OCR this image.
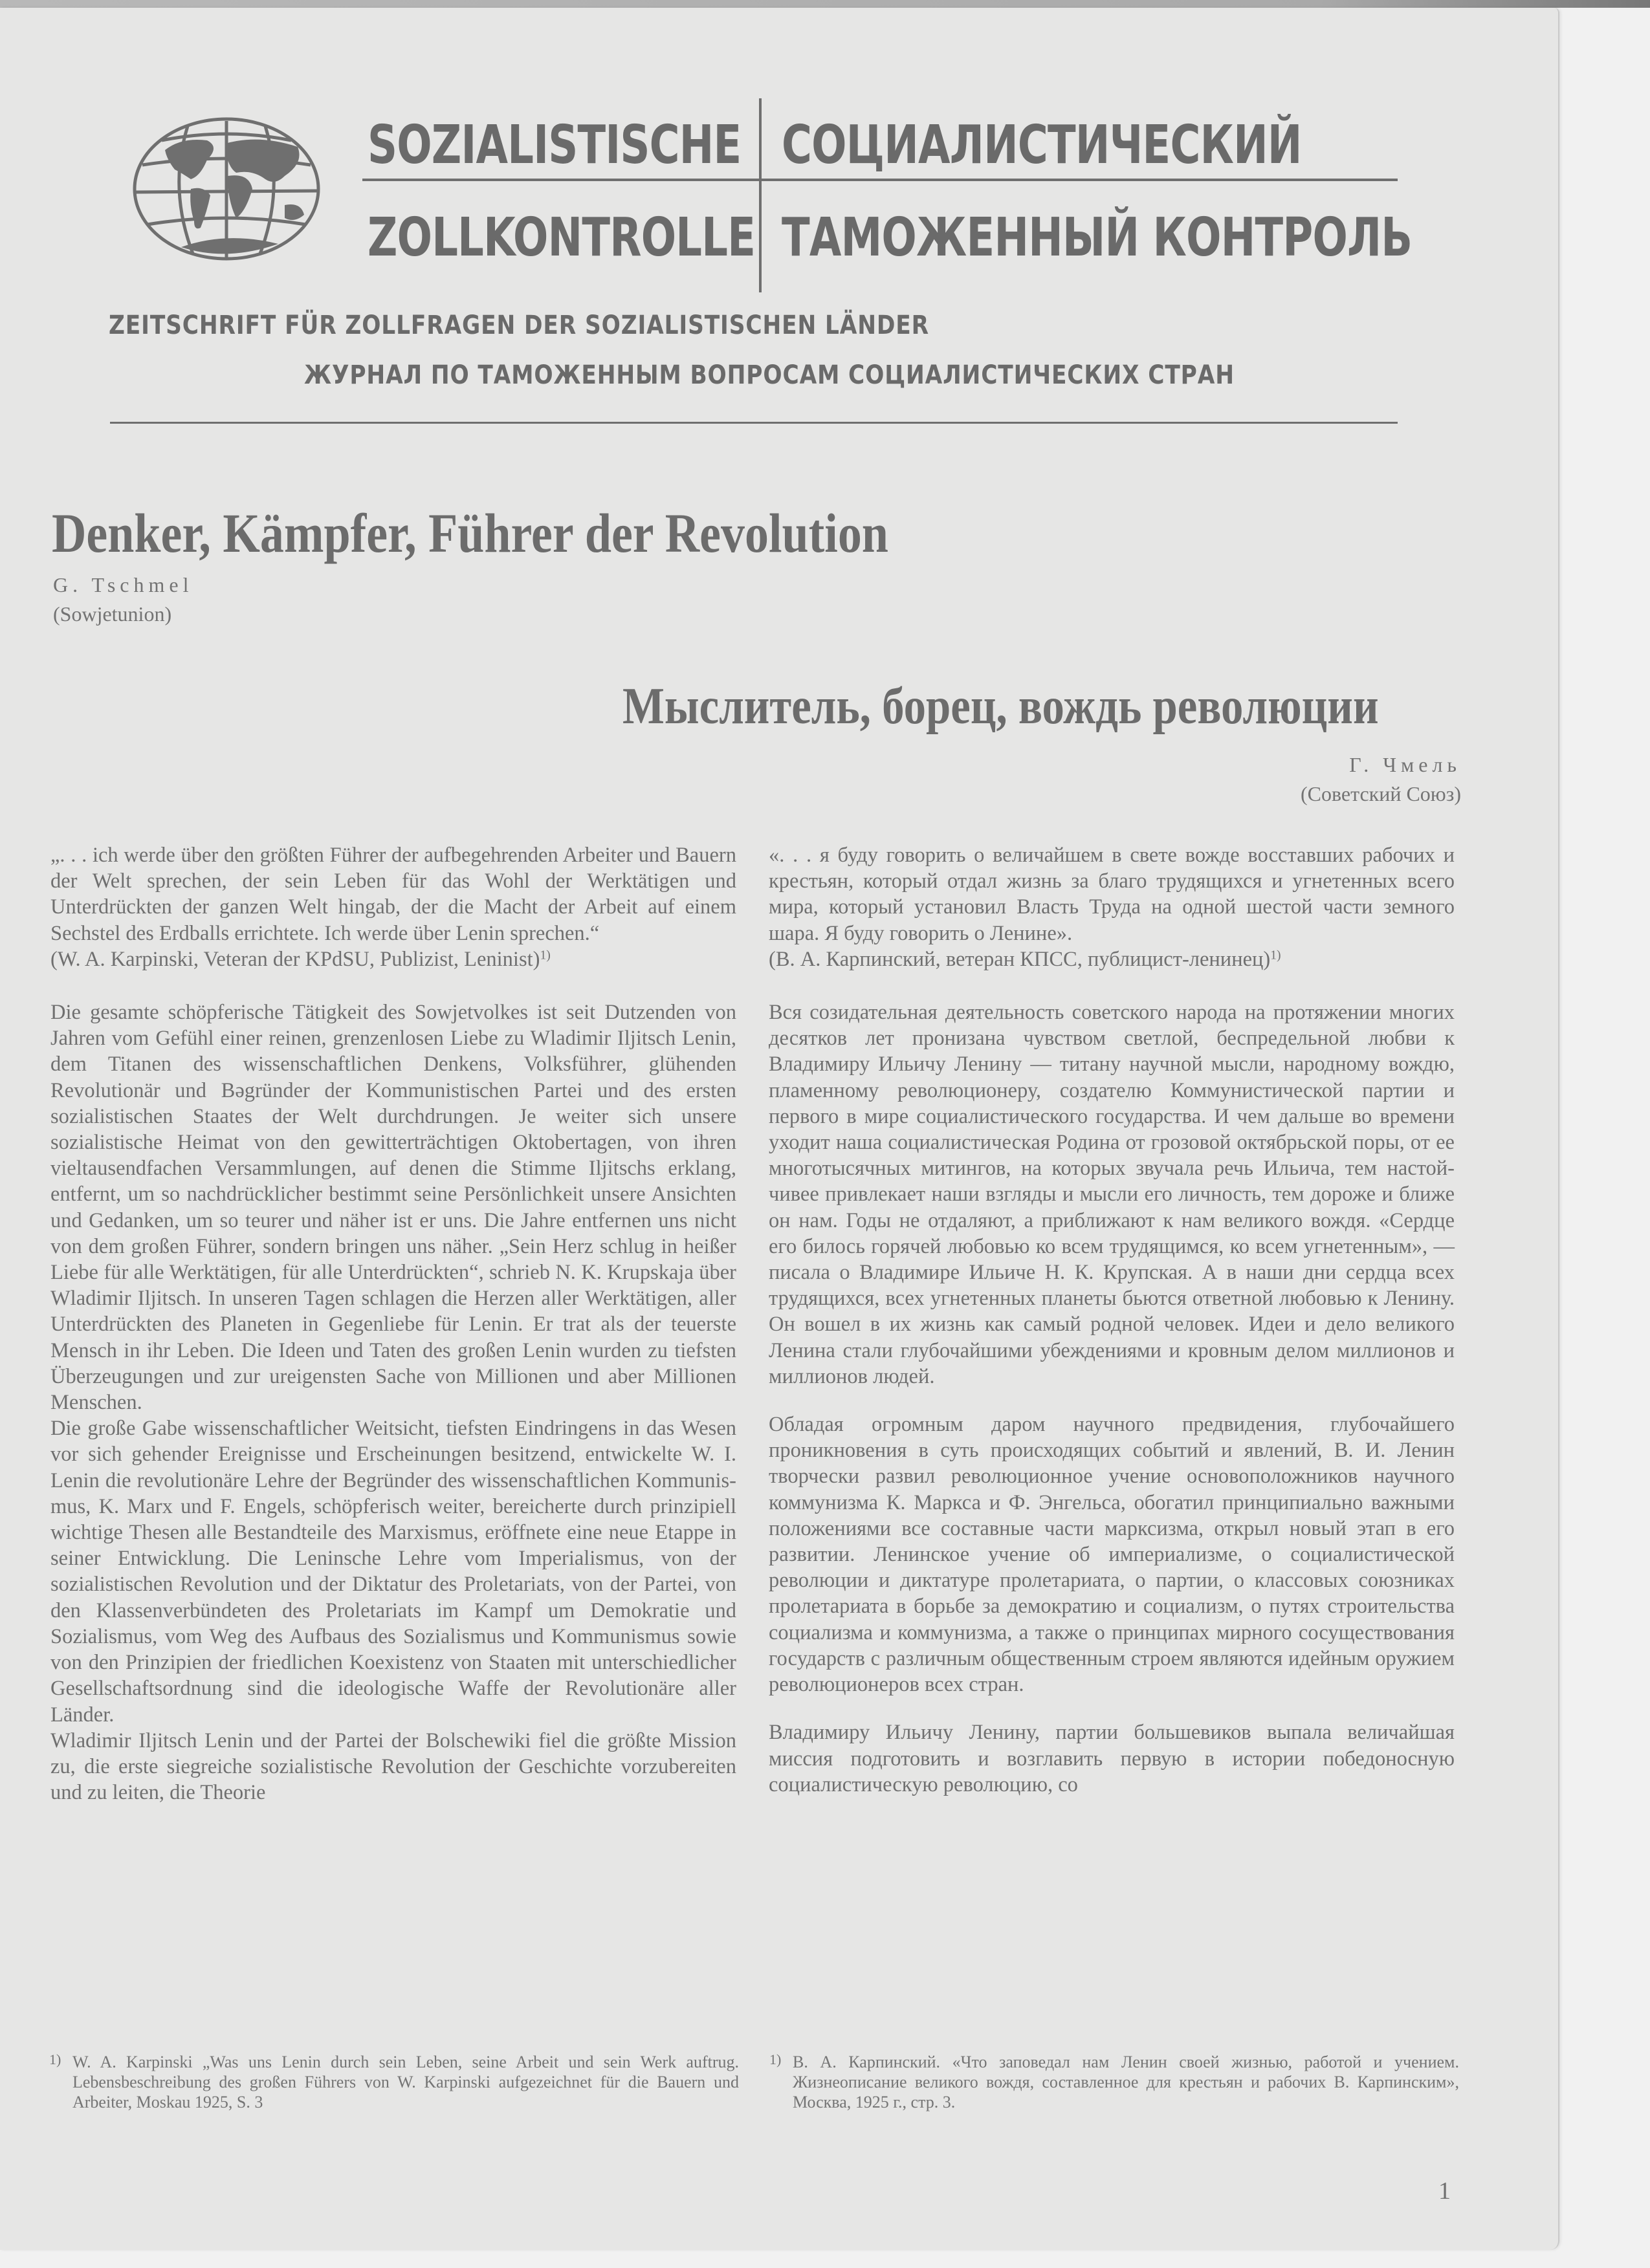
SOZIALISTISCHE
ZOLLKONTROLLE
СОЦИАЛИСТИЧЕСКИЙ
ТАМОЖЕННЫЙ КОНТРОЛЬ
ZEITSCHRIFT FÜR ZOLLFRAGEN DER SOZIALISTISCHEN LÄNDER
ЖУРНАЛ ПО ТАМОЖЕННЫМ ВОПРОСАМ СОЦИАЛИСТИЧЕСКИХ СТРАН
Denker, Kämpfer, Führer der Revolution
G. Tschmel
(Sowjetunion)
Мыслитель, борец, вождь революции
Г. Чмель
(Советский Союз)

„. . . ich werde über den größten Führer der aufbegehrenden Arbeiter und Bauern der Welt sprechen, der sein Leben für das Wohl der Werktätigen und Unterdrückten der ganzen Welt hingab, der die Macht der Arbeit auf einem Sechstel des Erdballs errichtete. Ich werde über Lenin sprechen.“

(W. A. Karpinski, Veteran der KPdSU, Publizist, Leninist)$^{1)}$

Die gesamte schöpferische Tätigkeit des Sowjetvolkes ist seit Dutzenden von Jahren vom Gefühl einer reinen, grenzenlosen Liebe zu Wladimir Iljitsch Lenin, dem Titanen des wissenschaftlichen Denkens, Volksführer, glühenden Revolutionär und Bəgründer der Kommunistischen Partei und des ersten sozialistischen Staates der Welt durchdrungen. Je weiter sich unsere sozialistische Heimat von den gewitterträchtigen Oktobertagen, von ihren vieltausendfachen Versammlungen, auf denen die Stimme Iljitschs erklang, entfernt, um so nachdrücklicher bestimmt seine Persönlichkeit unsere Ansichten und Gedanken, um so teurer und näher ist er uns. Die Jahre entfernen uns nicht von dem großen Führer, sondern bringen uns näher. „Sein Herz schlug in heißer Liebe für alle Werktätigen, für alle Unterdrückten“, schrieb N. K. Krupskaja über Wladimir Iljitsch. In unseren Tagen schlagen die Herzen aller Werktätigen, aller Unterdrückten des Planeten in Gegenliebe für Lenin. Er trat als der teuerste Mensch in ihr Leben. Die Ideen und Taten des großen Lenin wurden zu tiefsten Überzeugungen und zur ureigensten Sache von Millionen und aber Millionen Menschen.

Die große Gabe wissenschaftlicher Weitsicht, tiefsten Eindringens in das Wesen vor sich gehender Ereignisse und Erscheinungen besitzend, entwickelte W. I. Lenin die revolutionäre Lehre der Begründer des wissenschaftlichen Kommunismus, K. Marx und F. Engels, schöpferisch weiter, bereicherte durch prinzipiell wichtige Thesen alle Bestandteile des Marxismus, eröffnete eine neue Etappe in seiner Entwicklung. Die Leninsche Lehre vom Imperialismus, von der sozialistischen Revolution und der Diktatur des Proletariats, von der Partei, von den Klassenverbündeten des Proletariats im Kampf um Demokratie und Sozialismus, vom Weg des Aufbaus des Sozialismus und Kommunismus sowie von den Prinzipien der friedlichen Koexistenz von Staaten mit unterschiedlicher Gesellschaftsordnung sind die ideologische Waffe der Revolutionäre aller Länder.

Wladimir Iljitsch Lenin und der Partei der Bolschewiki fiel die größte Mission zu, die erste siegreiche sozialistische Revolution der Geschichte vorzubereiten und zu leiten, die Theorie

«. . . я буду говорить о величайшем в свете вожде восставших рабочих и крестьян, который отдал жизнь за благо трудящихся и угнетенных всего мира, который установил Власть Труда на одной шестой части земного шара. Я буду говорить о Ленине».

(В. А. Карпинский, ветеран КПСС, публицист-ленинец)$^{1)}$

Вся созидательная деятельность советского народа на протяжении многих десятков лет пронизана чувством светлой, беспредельной любви к Владимиру Ильичу Ленину — титану научной мысли, народному вождю, пламенному революционеру, создателю Коммунистической партии и первого в мире социалистического государства. И чем дальше во времени уходит наша социалистическая Родина от грозовой октябрьской поры, от ее многотысячных митингов, на которых звучала речь Ильича, тем настойчивее привлекает наши взгляды и мысли его личность, тем дороже и ближе он нам. Годы не отдаляют, а приближают к нам великого вождя. «Сердце его билось горячей любовью ко всем трудящимся, ко всем угнетенным», — писала о Владимире Ильиче Н. К. Крупская. А в наши дни сердца всех трудящихся, всех угнетенных планеты бьются ответной любовью к Ленину. Он вошел в их жизнь как самый родной человек. Идеи и дело великого Ленина стали глубочайшими убеждениями и кровным делом миллионов и миллионов людей.

Обладая огромным даром научного предвидения, глубочайшего проникновения в суть происходящих событий и явлений, В. И. Ленин творчески развил революционное учение основоположников научного коммунизма К. Маркса и Ф. Энгельса, обогатил принципиально важными положениями все составные части марксизма, открыл новый этап в его развитии. Ленинское учение об империализме, о социалистической революции и диктатуре пролетариата, о партии, о классовых союзниках пролетариата в борьбе за демократию и социализм, о путях строительства социализма и коммунизма, а также о принципах мирного сосуществования государств с различным общественным строем являются идейным оружием революционеров всех стран.

Владимиру Ильичу Ленину, партии большевиков выпала величайшая миссия подготовить и возглавить первую в истории победоносную социалистическую революцию, со

1) W. A. Karpinski „Was uns Lenin durch sein Leben, seine Arbeit und sein Werk auftrug. Lebensbeschreibung des großen Führers von W. Karpinski aufgezeichnet für die Bauern und Arbeiter, Moskau 1925, S. 3
1) В. А. Карпинский. «Что заповедал нам Ленин своей жизнью, работой и учением. Жизнеописание великого вождя, составленное для крестьян и рабочих В. Карпинским», Москва, 1925 г., стр. 3.
1
